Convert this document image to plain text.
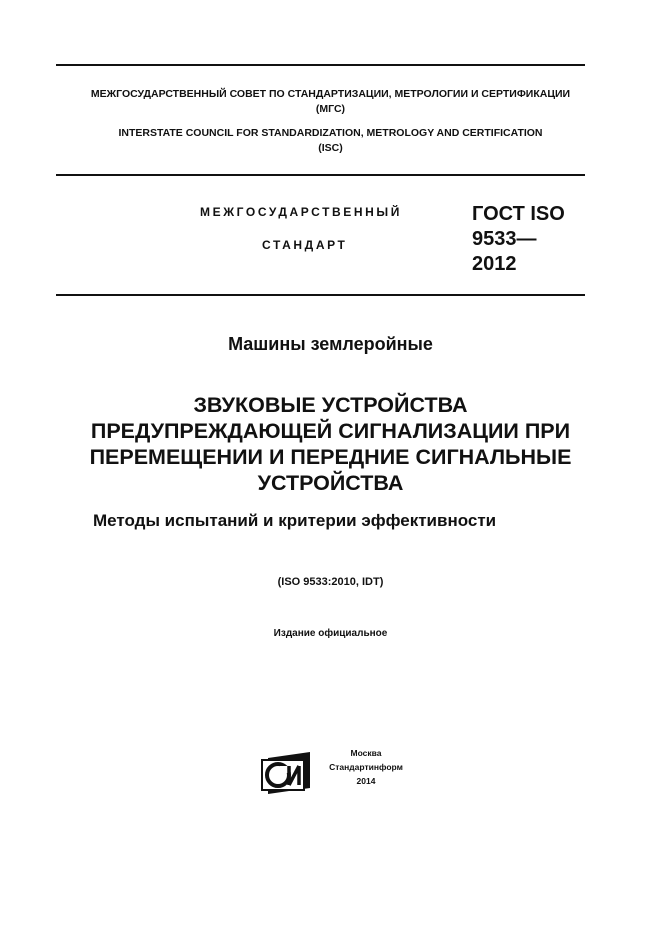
МЕЖГОСУДАРСТВЕННЫЙ СОВЕТ ПО СТАНДАРТИЗАЦИИ, МЕТРОЛОГИИ И СЕРТИФИКАЦИИ
(МГС)
INTERSTATE COUNCIL FOR STANDARDIZATION, METROLOGY AND CERTIFICATION
(ISC)
МЕЖГОСУДАРСТВЕННЫЙ
СТАНДАРТ
ГОСТ ISO
9533—
2012
Машины землеройные
ЗВУКОВЫЕ УСТРОЙСТВА
ПРЕДУПРЕЖДАЮЩЕЙ СИГНАЛИЗАЦИИ ПРИ
ПЕРЕМЕЩЕНИИ И ПЕРЕДНИЕ СИГНАЛЬНЫЕ
УСТРОЙСТВА
Методы испытаний и критерии эффективности
(ISO 9533:2010, IDT)
Издание официальное
Москва
Стандартинформ
2014
